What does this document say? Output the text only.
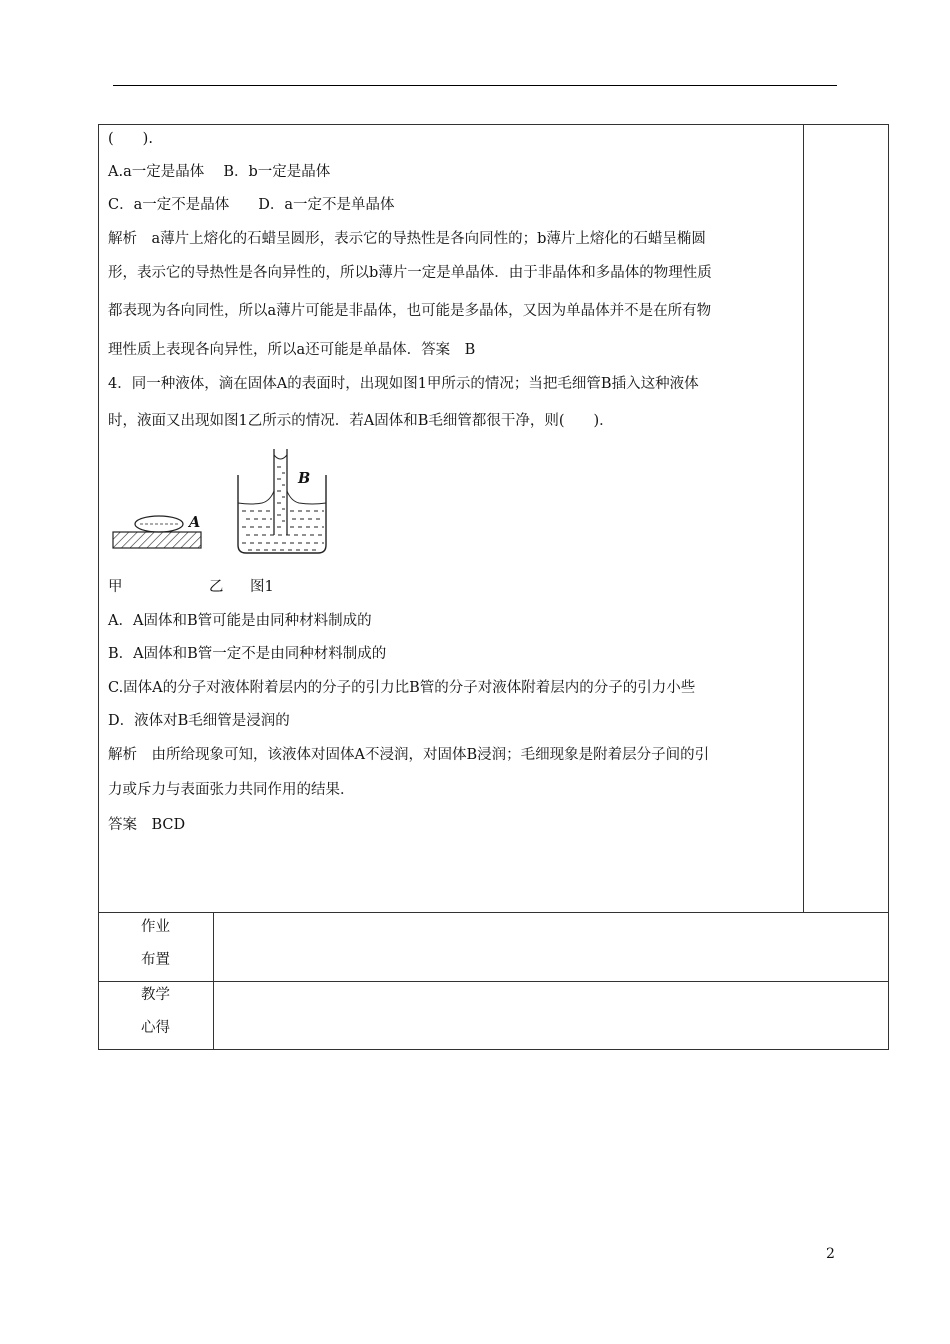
(　　).
A.a一定是晶体　 B．b一定是晶体
C．a一定不是晶体　　D．a一定不是单晶体
解析　a薄片上熔化的石蜡呈圆形，表示它的导热性是各向同性的；b薄片上熔化的石蜡呈椭圆
形，表示它的导热性是各向异性的，所以b薄片一定是单晶体．由于非晶体和多晶体的物理性质
都表现为各向同性，所以a薄片可能是非晶体，也可能是多晶体，又因为单晶体并不是在所有物
理性质上表现各向异性，所以a还可能是单晶体．答案　B
4．同一种液体，滴在固体A的表面时，出现如图1甲所示的情况；当把毛细管B插入这种液体
时，液面又出现如图1乙所示的情况．若A固体和B毛细管都很干净，则(　　)．
A
B
甲	乙 图1
A．A固体和B管可能是由同种材料制成的
B．A固体和B管一定不是由同种材料制成的
C.固体A的分子对液体附着层内的分子的引力比B管的分子对液体附着层内的分子的引力小些
D．液体对B毛细管是浸润的
解析　由所给现象可知，该液体对固体A不浸润，对固体B浸润；毛细现象是附着层分子间的引
力或斥力与表面张力共同作用的结果．
答案　BCD
作业
布置
教学
心得
2
